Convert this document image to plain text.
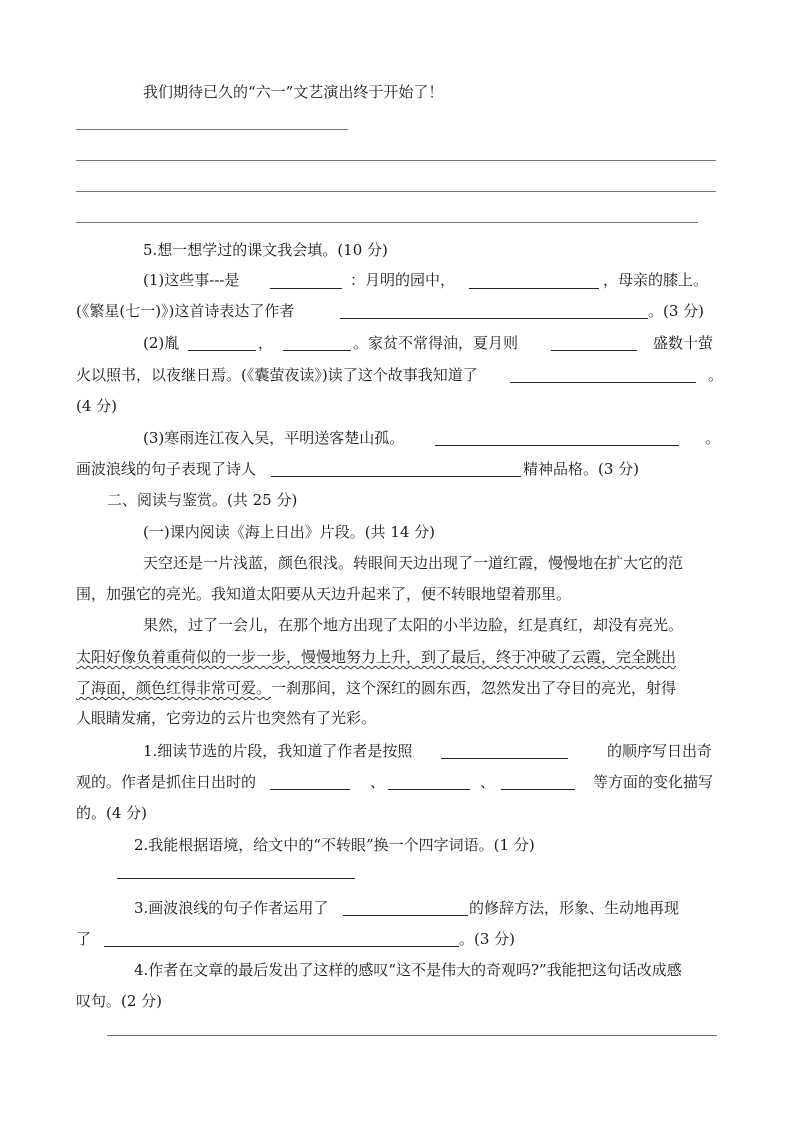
我们期待已久的“六一”文艺演出终于开始了！
5.想一想学过的课文我会填。(10 分)
(1)这些事---是	：月明的园中，	，母亲的膝上。
(《繁星(七一)》)这首诗表达了作者	。(3 分)
(2)胤	，	。家贫不常得油，夏月则	盛数十萤
火以照书，以夜继日焉。(《囊萤夜读》)读了这个故事我知道了	。
(4 分)
(3)寒雨连江夜入吴，平明送客楚山孤。	。
画波浪线的句子表现了诗人	精神品格。(3 分)
二、阅读与鉴赏。(共 25 分)
(一)课内阅读《海上日出》片段。(共 14 分)
天空还是一片浅蓝，颜色很浅。转眼间天边出现了一道红霞，慢慢地在扩大它的范
围，加强它的亮光。我知道太阳要从天边升起来了，便不转眼地望着那里。
果然，过了一会儿，在那个地方出现了太阳的小半边脸，红是真红，却没有亮光。
太阳好像负着重荷似的一步一步，慢慢地努力上升，到了最后，终于冲破了云霞，完全跳出
了海面，颜色红得非常可爱。一刹那间，这个深红的圆东西，忽然发出了夺目的亮光，射得
人眼睛发痛，它旁边的云片也突然有了光彩。
1.细读节选的片段，我知道了作者是按照	的顺序写日出奇
观的。作者是抓住日出时的	、	、	等方面的变化描写
的。(4 分)
2.我能根据语境，给文中的“不转眼”换一个四字词语。(1 分)
3.画波浪线的句子作者运用了	的修辞方法，形象、生动地再现
了	。(3 分)
4.作者在文章的最后发出了这样的感叹“这不是伟大的奇观吗?”我能把这句话改成感
叹句。(2 分)
